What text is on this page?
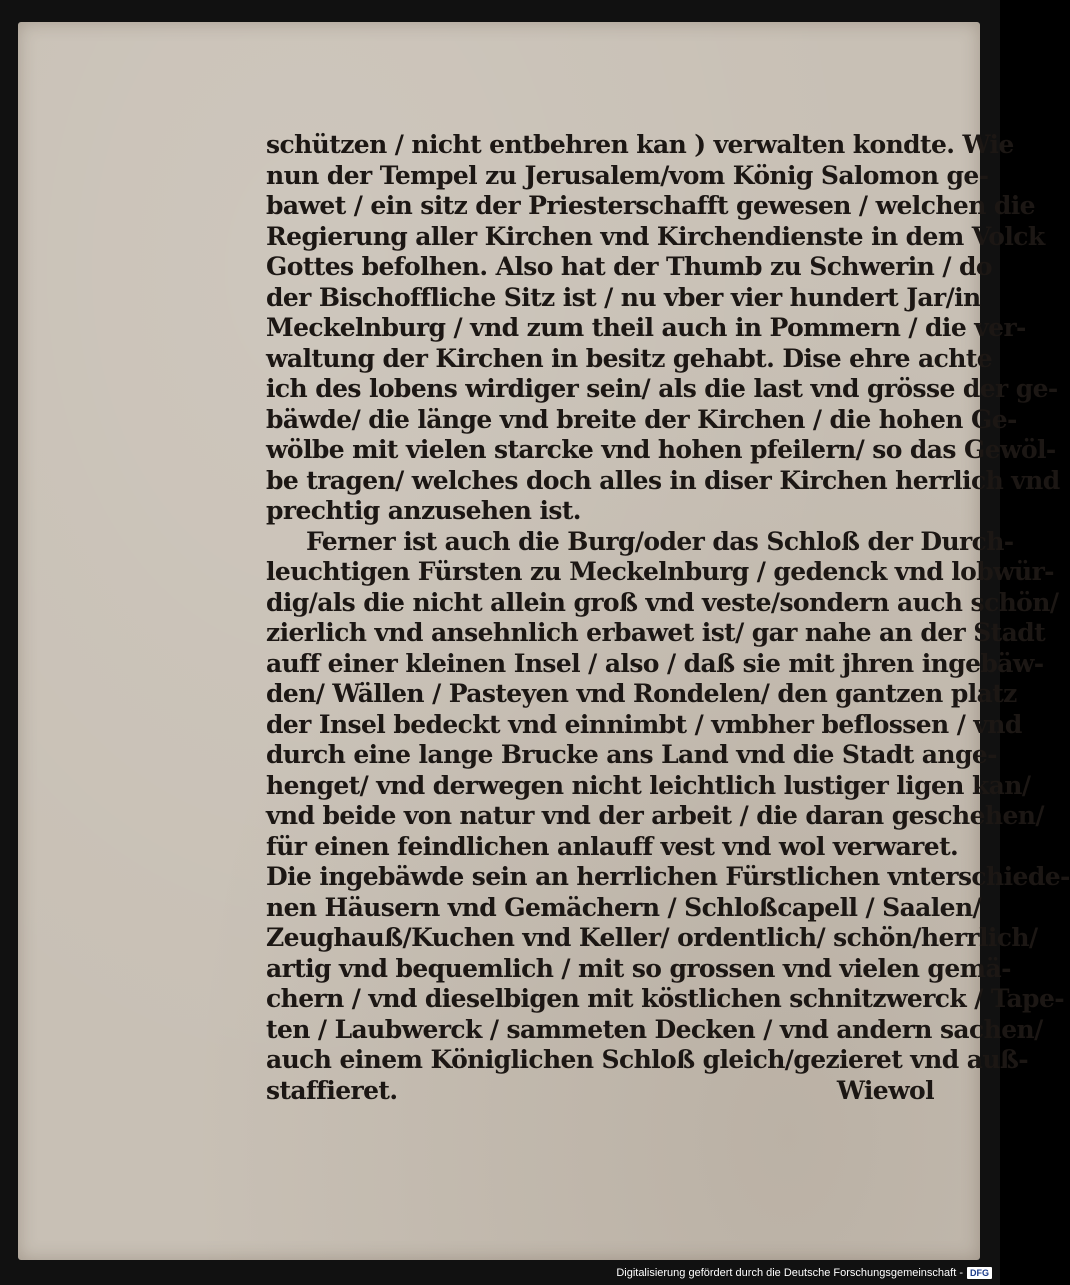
schützen / nicht entbehren kan ) verwalten kondte. Wie
nun der Tempel zu Jerusalem/vom König Salomon ge-
bawet / ein sitz der Priesterschafft gewesen / welchen die
Regierung aller Kirchen vnd Kirchendienste in dem Volck
Gottes befolhen. Also hat der Thumb zu Schwerin / do
der Bischoffliche Sitz ist / nu vber vier hundert Jar/in
Meckelnburg / vnd zum theil auch in Pommern / die ver-
waltung der Kirchen in besitz gehabt. Dise ehre achte
ich des lobens wirdiger sein/ als die last vnd grösse der ge-
bäwde/ die länge vnd breite der Kirchen / die hohen Ge-
wölbe mit vielen starcke vnd hohen pfeilern/ so das Gewöl-
be tragen/ welches doch alles in diser Kirchen herrlich vnd
prechtig anzusehen ist.
Ferner ist auch die Burg/oder das Schloß der Durch-
leuchtigen Fürsten zu Meckelnburg / gedenck vnd lobwür-
dig/als die nicht allein groß vnd veste/sondern auch schön/
zierlich vnd ansehnlich erbawet ist/ gar nahe an der Stadt
auff einer kleinen Insel / also / daß sie mit jhren ingebäw-
den/ Wällen / Pasteyen vnd Rondelen/ den gantzen platz
der Insel bedeckt vnd einnimbt / vmbher beflossen / vnd
durch eine lange Brucke ans Land vnd die Stadt ange-
henget/ vnd derwegen nicht leichtlich lustiger ligen kan/
vnd beide von natur vnd der arbeit / die daran geschehen/
für einen feindlichen anlauff vest vnd wol verwaret.
Die ingebäwde sein an herrlichen Fürstlichen vnterschiede-
nen Häusern vnd Gemächern / Schloßcapell / Saalen/
Zeughauß/Kuchen vnd Keller/ ordentlich/ schön/herrlich/
artig vnd bequemlich / mit so grossen vnd vielen gemä-
chern / vnd dieselbigen mit köstlichen schnitzwerck / Tape-
ten / Laubwerck / sammeten Decken / vnd andern sachen/
auch einem Königlichen Schloß gleich/gezieret vnd auß-
staffieret.	Wiewol
Digitalisierung gefördert durch die Deutsche Forschungsgemeinschaft - DFG
